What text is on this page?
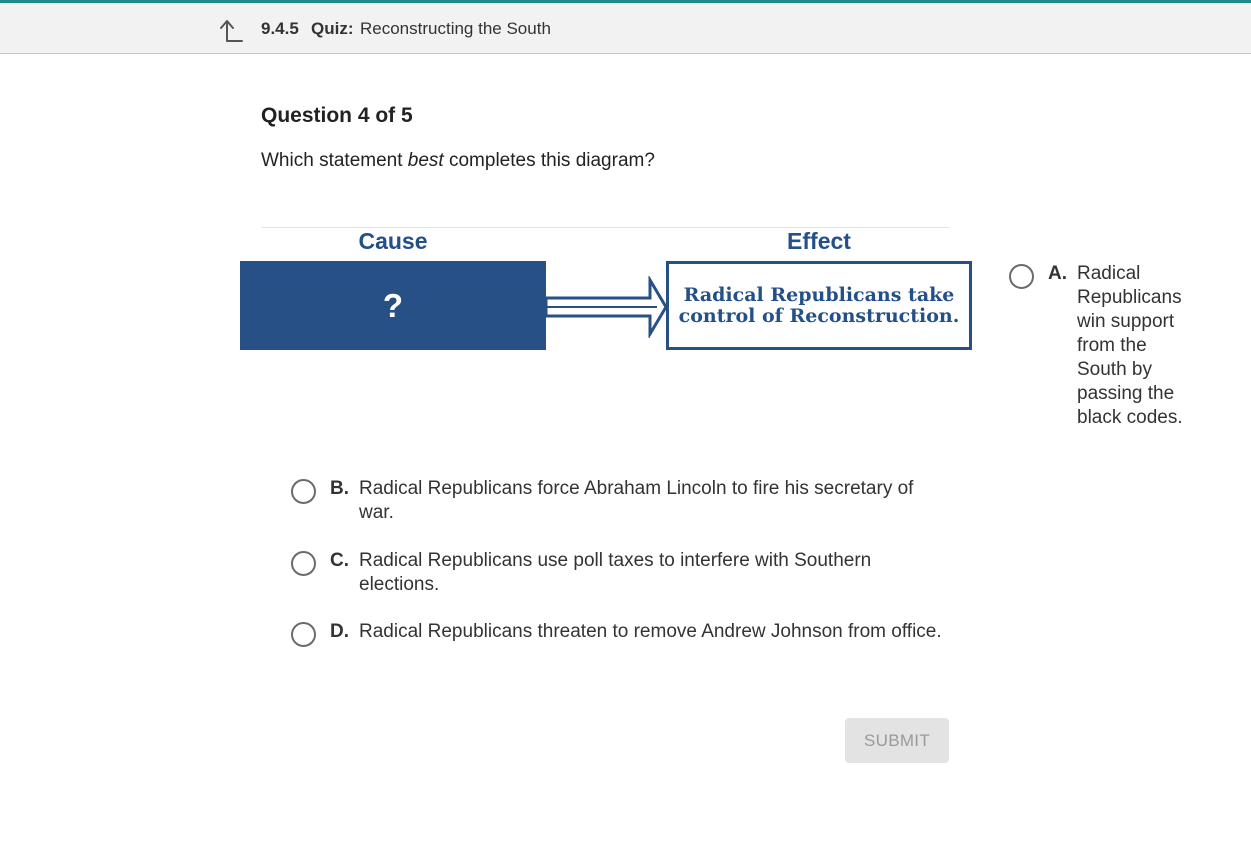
9.4.5 Quiz: Reconstructing the South
Question 4 of 5
Which statement best completes this diagram?
Cause	Effect
?	Radical Republicans take control of Reconstruction.
A. Radical Republicans win support from the South by passing the black codes.
B. Radical Republicans force Abraham Lincoln to fire his secretary of war.
C. Radical Republicans use poll taxes to interfere with Southern elections.
D. Radical Republicans threaten to remove Andrew Johnson from office.
SUBMIT
